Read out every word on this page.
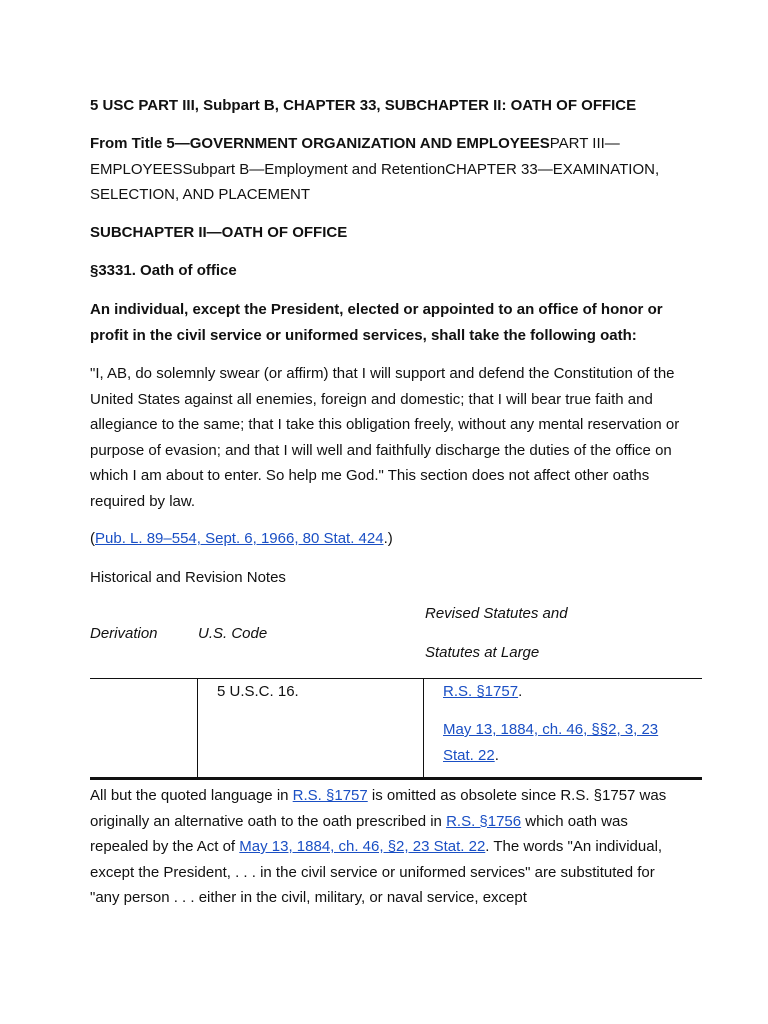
5 USC PART III, Subpart B, CHAPTER 33, SUBCHAPTER II: OATH OF OFFICE

From Title 5—GOVERNMENT ORGANIZATION AND EMPLOYEESPART III—
EMPLOYEESSubpart B—Employment and RetentionCHAPTER 33—EXAMINATION,
SELECTION, AND PLACEMENT

SUBCHAPTER II—OATH OF OFFICE

§3331. Oath of office

An individual, except the President, elected or appointed to an office of honor or profit in the civil service or uniformed services, shall take the following oath:

"I, AB, do solemnly swear (or affirm) that I will support and defend the Constitution of the United States against all enemies, foreign and domestic; that I will bear true faith and allegiance to the same; that I take this obligation freely, without any mental reservation or purpose of evasion; and that I will well and faithfully discharge the duties of the office on which I am about to enter. So help me God." This section does not affect other oaths required by law.

(Pub. L. 89–554, Sept. 6, 1966, 80 Stat. 424.)

Historical and Revision Notes

Derivation	U.S. Code
Revised Statutes and
Statutes at Large
5 U.S.C. 16.	R.S. §1757.
May 13, 1884, ch. 46, §§2, 3, 23
Stat. 22.

All but the quoted language in R.S. §1757 is omitted as obsolete since R.S. §1757 was originally an alternative oath to the oath prescribed in R.S. §1756 which oath was repealed by the Act of May 13, 1884, ch. 46, §2, 23 Stat. 22. The words "An individual, except the President, . . . in the civil service or uniformed services" are substituted for "any person . . . either in the civil, military, or naval service, except
